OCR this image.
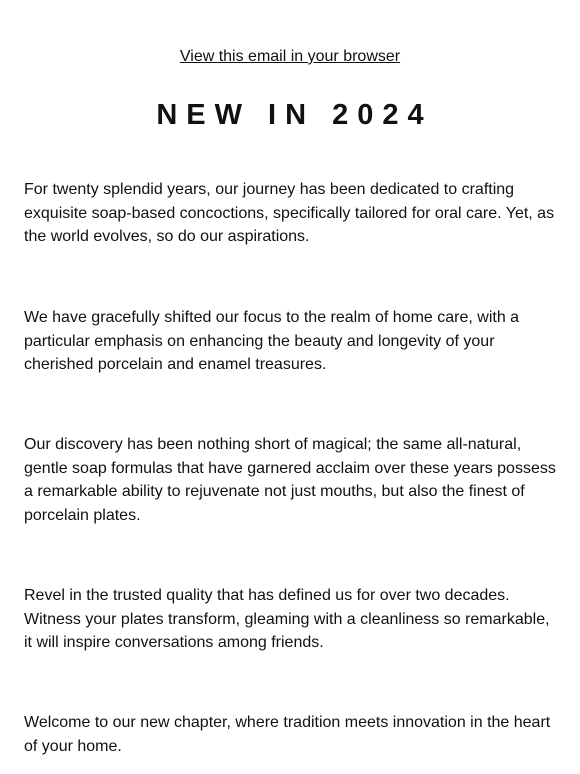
View this email in your browser
NEW IN 2024

For twenty splendid years, our journey has been dedicated to crafting exquisite soap-based concoctions, specifically tailored for oral care. Yet, as the world evolves, so do our aspirations.

We have gracefully shifted our focus to the realm of home care, with a particular emphasis on enhancing the beauty and longevity of your cherished porcelain and enamel treasures.

Our discovery has been nothing short of magical; the same all-natural, gentle soap formulas that have garnered acclaim over these years possess a remarkable ability to rejuvenate not just mouths, but also the finest of porcelain plates.

Revel in the trusted quality that has defined us for over two decades. Witness your plates transform, gleaming with a cleanliness so remarkable, it will inspire conversations among friends.

Welcome to our new chapter, where tradition meets innovation in the heart of your home.
